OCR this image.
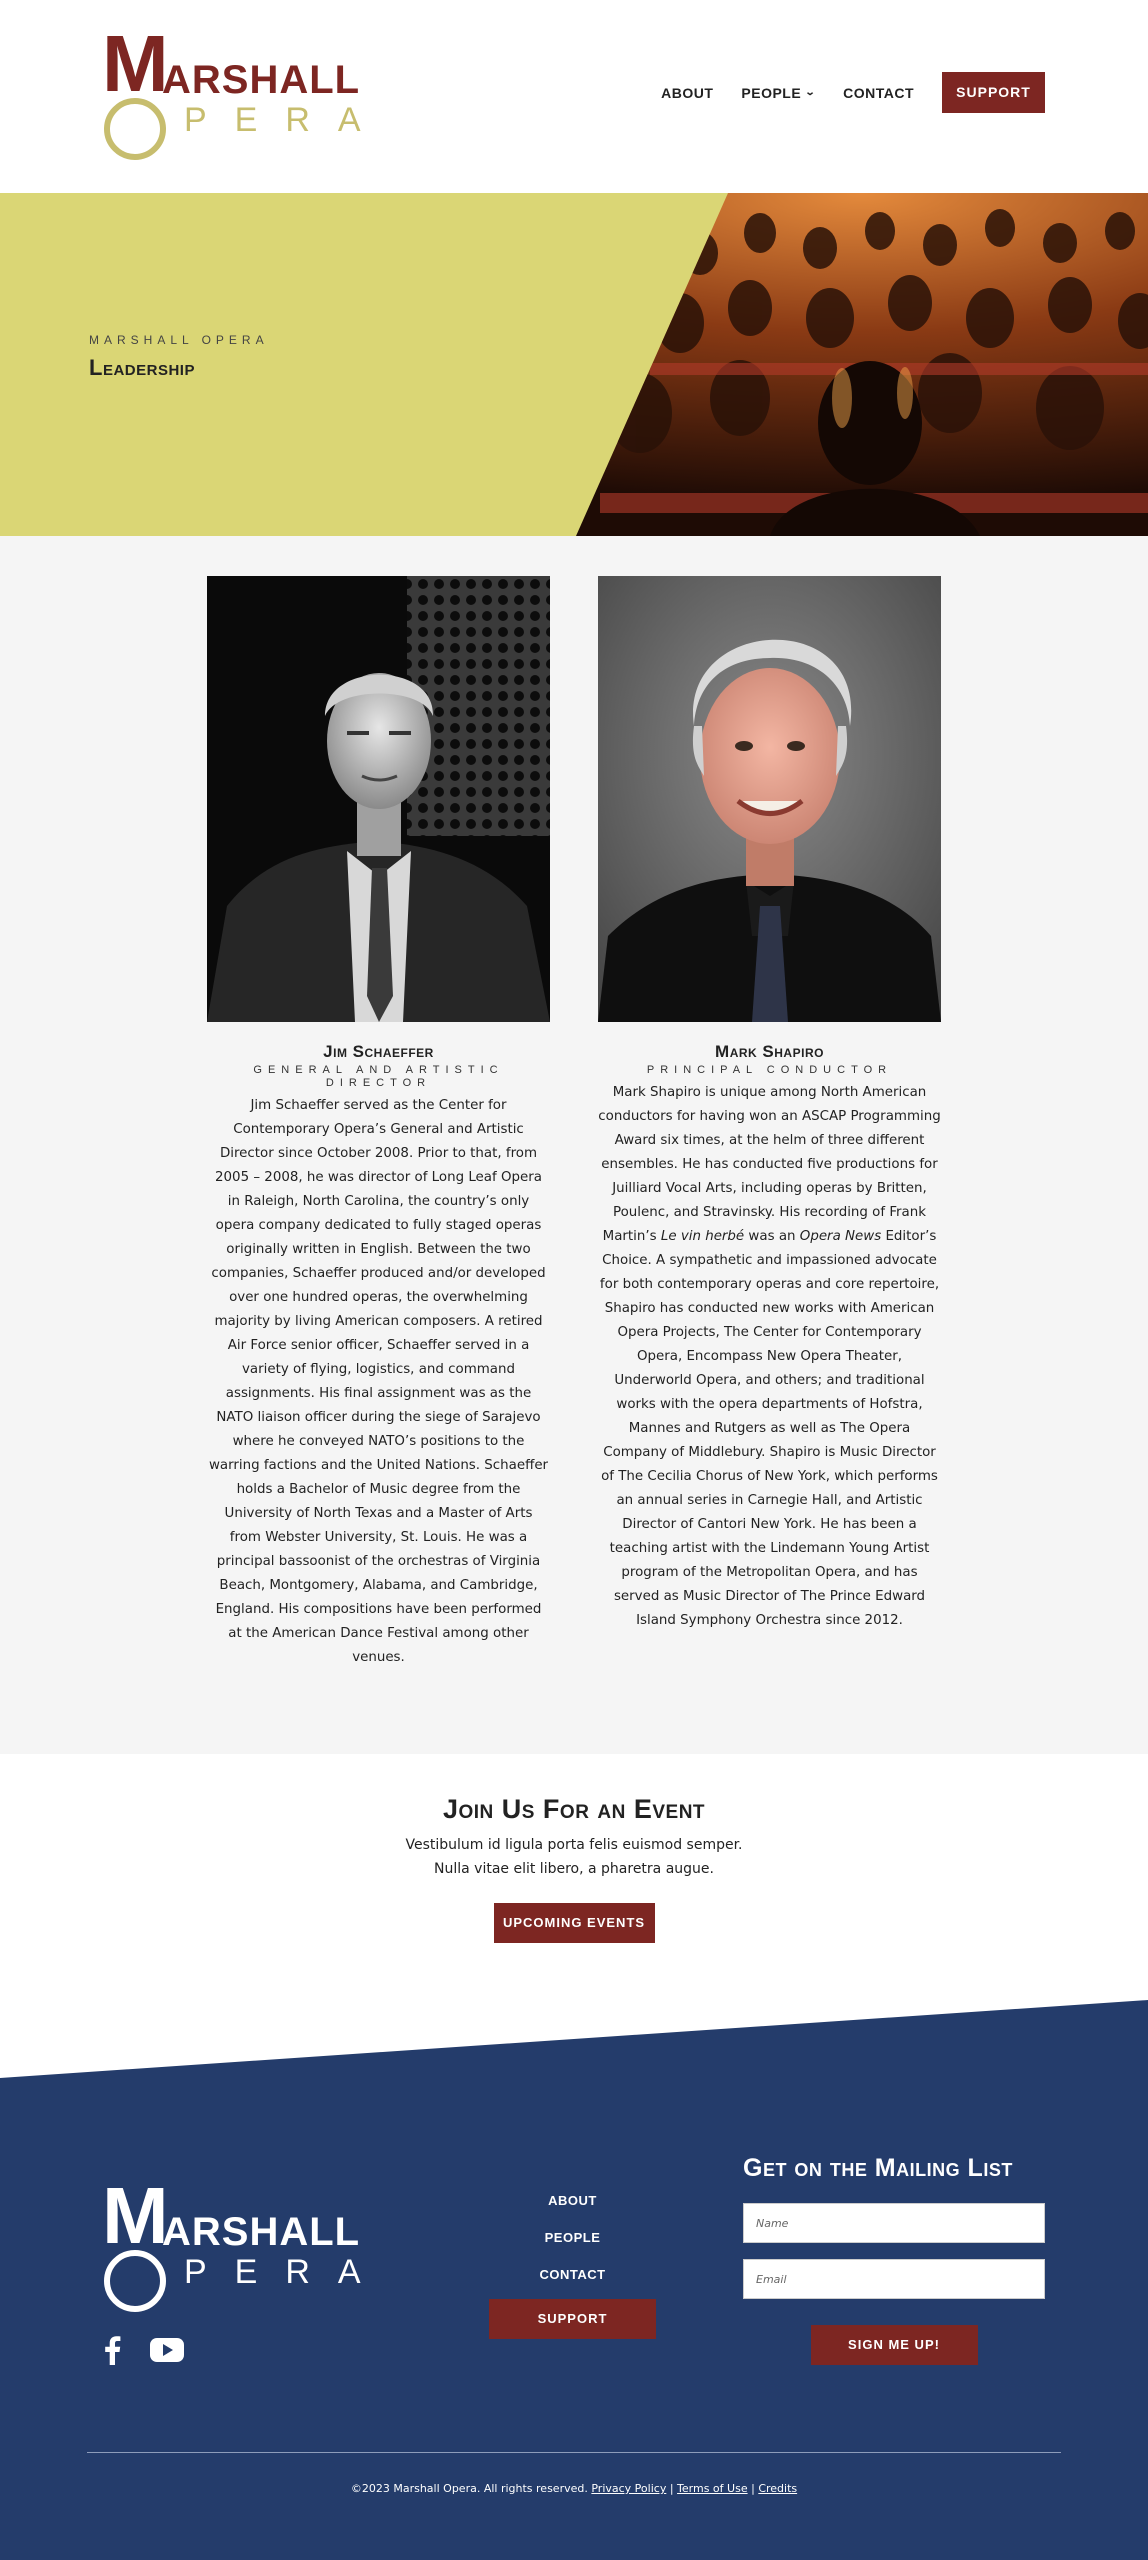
M
ARSHALL
PERA
ABOUT PEOPLE ⌄ CONTACT	SUPPORT
MARSHALL OPERA
Leadership
Jim Schaeffer
GENERAL AND ARTISTIC DIRECTOR

Jim Schaeffer served as the Center for Contemporary Opera’s General and Artistic Director since October 2008. Prior to that, from 2005 – 2008, he was director of Long Leaf Opera in Raleigh, North Carolina, the country’s only opera company dedicated to fully staged operas originally written in English. Between the two companies, Schaeffer produced and/or developed over one hundred operas, the overwhelming majority by living American composers. A retired Air Force senior officer, Schaeffer served in a variety of flying, logistics, and command assignments. His final assignment was as the NATO liaison officer during the siege of Sarajevo where he conveyed NATO’s positions to the warring factions and the United Nations. Schaeffer holds a Bachelor of Music degree from the University of North Texas and a Master of Arts from Webster University, St. Louis. He was a principal bassoonist of the orchestras of Virginia Beach, Montgomery, Alabama, and Cambridge, England. His compositions have been performed at the American Dance Festival among other venues.

Mark Shapiro
PRINCIPAL CONDUCTOR

Mark Shapiro is unique among North American conductors for having won an ASCAP Programming Award six times, at the helm of three different ensembles. He has conducted five productions for Juilliard Vocal Arts, including operas by Britten, Poulenc, and Stravinsky. His recording of Frank Martin’s Le vin herbé was an Opera News Editor’s Choice. A sympathetic and impassioned advocate for both contemporary operas and core repertoire, Shapiro has conducted new works with American Opera Projects, The Center for Contemporary Opera, Encompass New Opera Theater, Underworld Opera, and others; and traditional works with the opera departments of Hofstra, Mannes and Rutgers as well as The Opera Company of Middlebury. Shapiro is Music Director of The Cecilia Chorus of New York, which performs an annual series in Carnegie Hall, and Artistic Director of Cantori New York. He has been a teaching artist with the Lindemann Young Artist program of the Metropolitan Opera, and has served as Music Director of The Prince Edward Island Symphony Orchestra since 2012.

Join Us For an Event

Vestibulum id ligula porta felis euismod semper.
Nulla vitae elit libero, a pharetra augue.

UPCOMING EVENTS
M
ARSHALL
PERA
ABOUT
PEOPLE
CONTACT
SUPPORT
Get on the Mailing List
Name
Email
SIGN ME UP!
©2023 Marshall Opera. All rights reserved. Privacy Policy | Terms of Use | Credits
